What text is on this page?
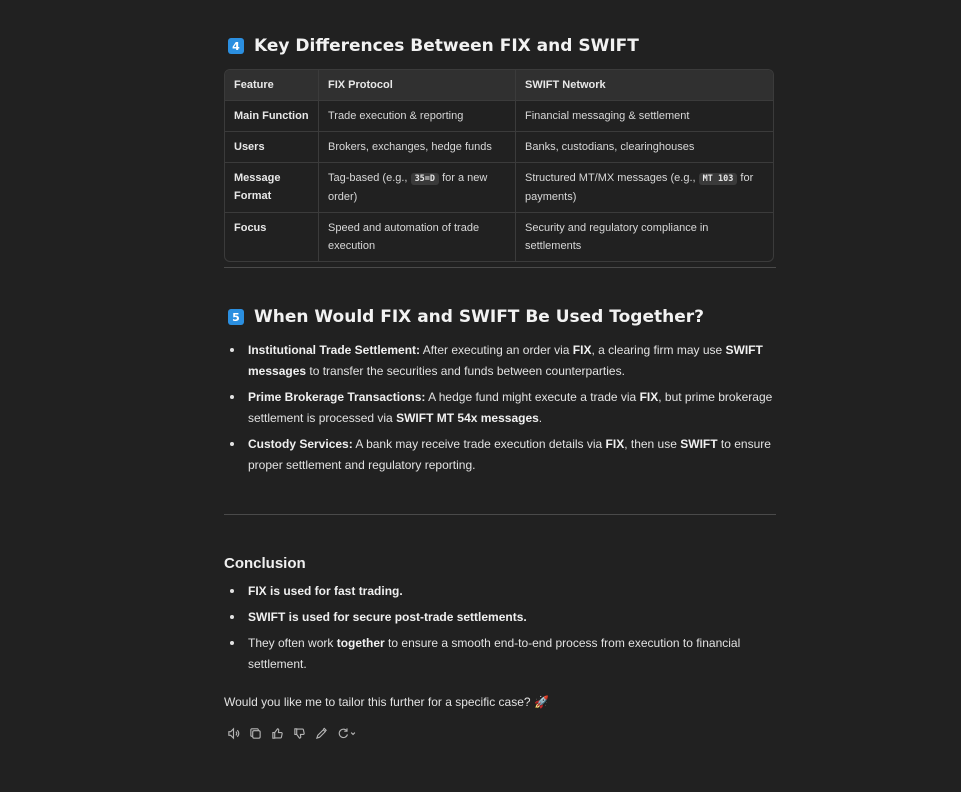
4 Key Differences Between FIX and SWIFT
Feature	FIX Protocol	SWIFT Network
Main Function	Trade execution & reporting	Financial messaging & settlement
Users	Brokers, exchanges, hedge funds	Banks, custodians, clearinghouses
Message Format	Tag-based (e.g., 35=D for a new order)	Structured MT/MX messages (e.g., MT 103 for payments)
Focus	Speed and automation of trade execution	Security and regulatory compliance in settlements
5 When Would FIX and SWIFT Be Used Together?
Institutional Trade Settlement: After executing an order via FIX, a clearing firm may use SWIFT messages to transfer the securities and funds between counterparties.
Prime Brokerage Transactions: A hedge fund might execute a trade via FIX, but prime brokerage settlement is processed via SWIFT MT 54x messages.
Custody Services: A bank may receive trade execution details via FIX, then use SWIFT to ensure proper settlement and regulatory reporting.
Conclusion
FIX is used for fast trading.
SWIFT is used for secure post-trade settlements.
They often work together to ensure a smooth end-to-end process from execution to financial settlement.
Would you like me to tailor this further for a specific case? 🚀
